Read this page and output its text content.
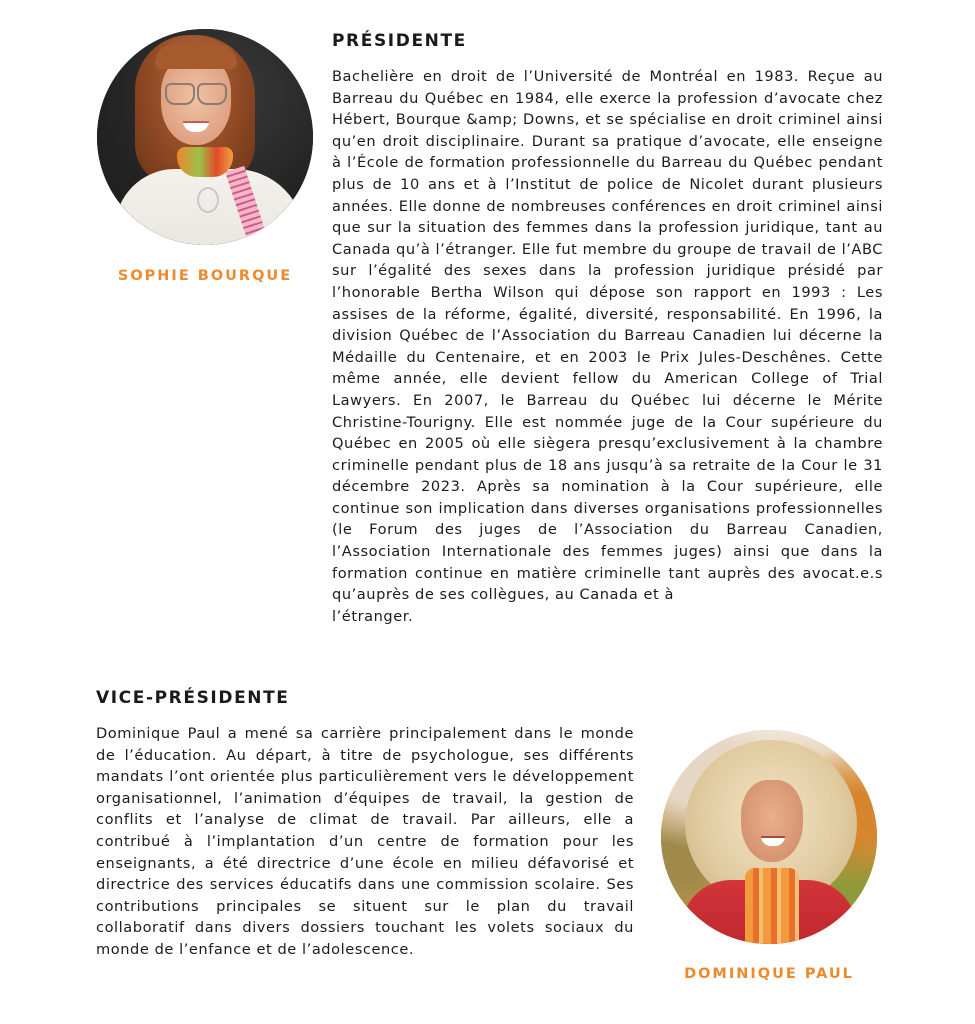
SOPHIE BOURQUE
PRÉSIDENTE

Bachelière en droit de l’Université de Montréal en 1983. Reçue au Barreau du Québec en 1984, elle exerce la profession d’avocate chez Hébert, Bourque &amp; Downs, et se spécialise en droit criminel ainsi qu’en droit disciplinaire. Durant sa pratique d’avocate, elle enseigne à l’École de formation professionnelle du Barreau du Québec pendant plus de 10 ans et à l’Institut de police de Nicolet durant plusieurs années. Elle donne de nombreuses conférences en droit criminel ainsi que sur la situation des femmes dans la profession juridique, tant au Canada qu’à l’étranger. Elle fut membre du groupe de travail de l’ABC sur l’égalité des sexes dans la profession juridique présidé par l’honorable Bertha Wilson qui dépose son rapport en 1993 : Les assises de la réforme, égalité, diversité, responsabilité. En 1996, la division Québec de l’Association du Barreau Canadien lui décerne la Médaille du Centenaire, et en 2003 le Prix Jules-Deschênes. Cette même année, elle devient fellow du American College of Trial Lawyers. En 2007, le Barreau du Québec lui décerne le Mérite Christine-Tourigny. Elle est nommée juge de la Cour supérieure du Québec en 2005 où elle siègera presqu’exclusivement à la chambre criminelle pendant plus de 18 ans jusqu’à sa retraite de la Cour le 31 décembre 2023. Après sa nomination à la Cour supérieure, elle continue son implication dans diverses organisations professionnelles (le Forum des juges de l’Association du Barreau Canadien, l’Association Internationale des femmes juges) ainsi que dans la formation continue en matière criminelle tant auprès des avocat.e.s qu’auprès de ses collègues, au Canada et à

l’étranger.

VICE-PRÉSIDENTE

Dominique Paul a mené sa carrière principalement dans le monde de l’éducation. Au départ, à titre de psychologue, ses différents mandats l’ont orientée plus particulièrement vers le développement organisationnel, l’animation d’équipes de travail, la gestion de conflits et l’analyse de climat de travail. Par ailleurs, elle a contribué à l’implantation d’un centre de formation pour les enseignants, a été directrice d’une école en milieu défavorisé et directrice des services éducatifs dans une commission scolaire. Ses contributions principales se situent sur le plan du travail collaboratif dans divers dossiers touchant les volets sociaux du monde de l’enfance et de l’adolescence.

DOMINIQUE PAUL
